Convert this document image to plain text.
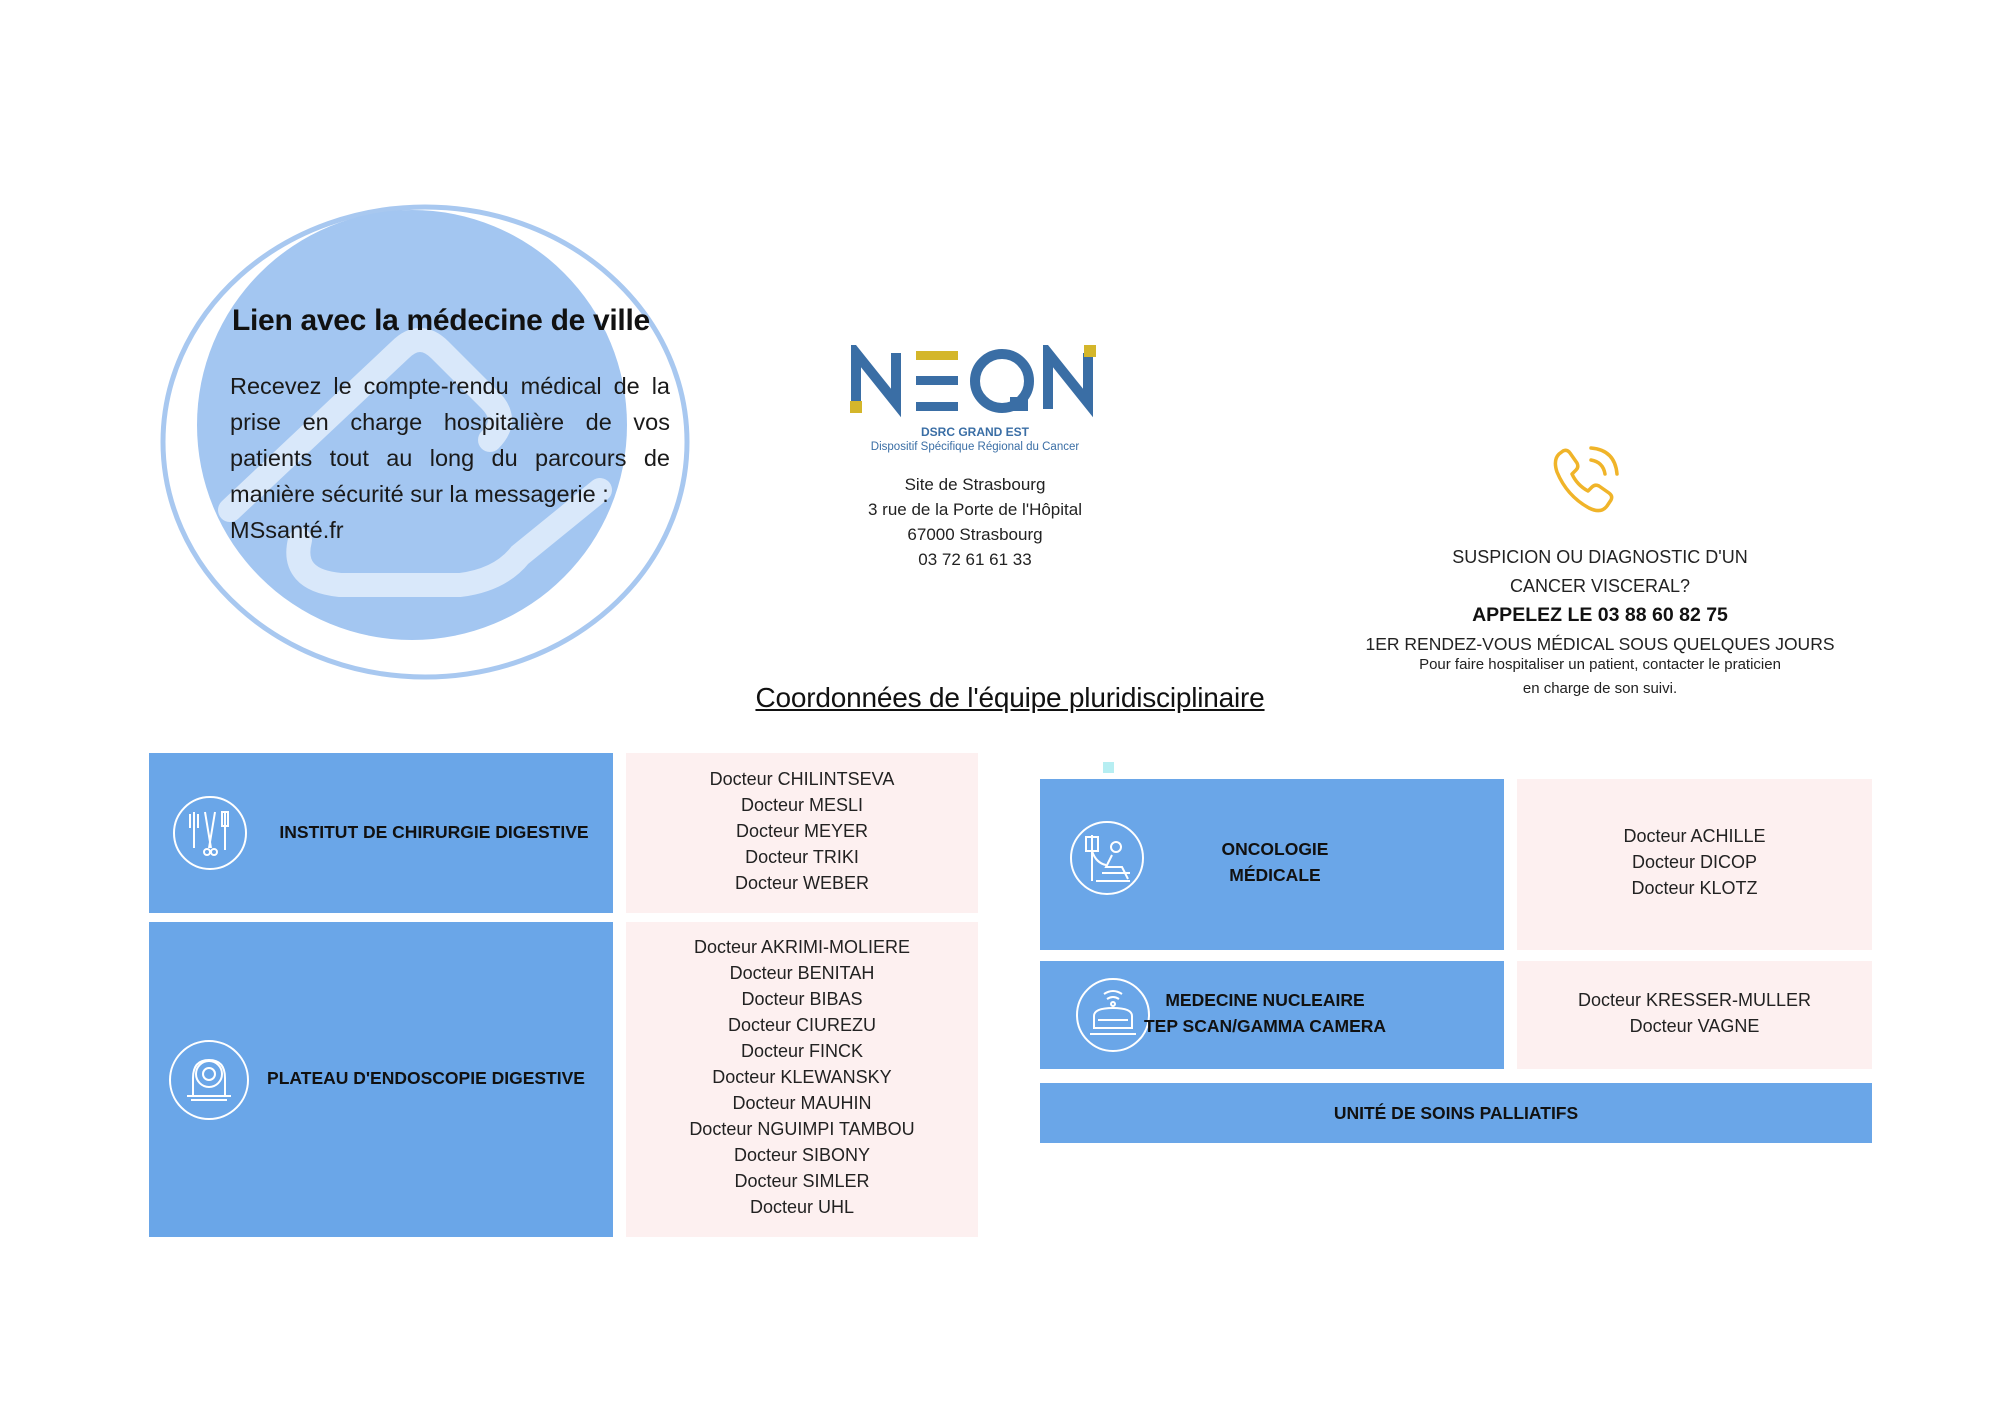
Lien avec la médecine de ville
Recevez le compte-rendu médical de la prise en charge hospitalière de vos patients tout au long du parcours de manière sécurité sur la messagerie :
MSsanté.fr
DSRC GRAND EST
Dispositif Spécifique Régional du Cancer
Site de Strasbourg
3 rue de la Porte de l'Hôpital
67000 Strasbourg
03 72 61 61 33	SUSPICION OU DIAGNOSTIC D'UN
CANCER VISCERAL?
APPELEZ LE 03 88 60 82 75
1ER RENDEZ-VOUS MÉDICAL SOUS QUELQUES JOURS
Pour faire hospitaliser un patient, contacter le praticien
en charge de son suivi.
Coordonnées de l'équipe pluridisciplinaire
INSTITUT DE CHIRURGIE DIGESTIVE
Docteur CHILINTSEVA
Docteur MESLI
Docteur MEYER
Docteur TRIKI
Docteur WEBER
PLATEAU D'ENDOSCOPIE DIGESTIVE
Docteur AKRIMI-MOLIERE
Docteur BENITAH
Docteur BIBAS
Docteur CIUREZU
Docteur FINCK
Docteur KLEWANSKY
Docteur MAUHIN
Docteur NGUIMPI TAMBOU
Docteur SIBONY
Docteur SIMLER
Docteur UHL
ONCOLOGIE
MÉDICALE
Docteur ACHILLE
Docteur DICOP
Docteur KLOTZ
MEDECINE NUCLEAIRE
TEP SCAN/GAMMA CAMERA
Docteur KRESSER-MULLER
Docteur VAGNE
UNITÉ DE SOINS PALLIATIFS
